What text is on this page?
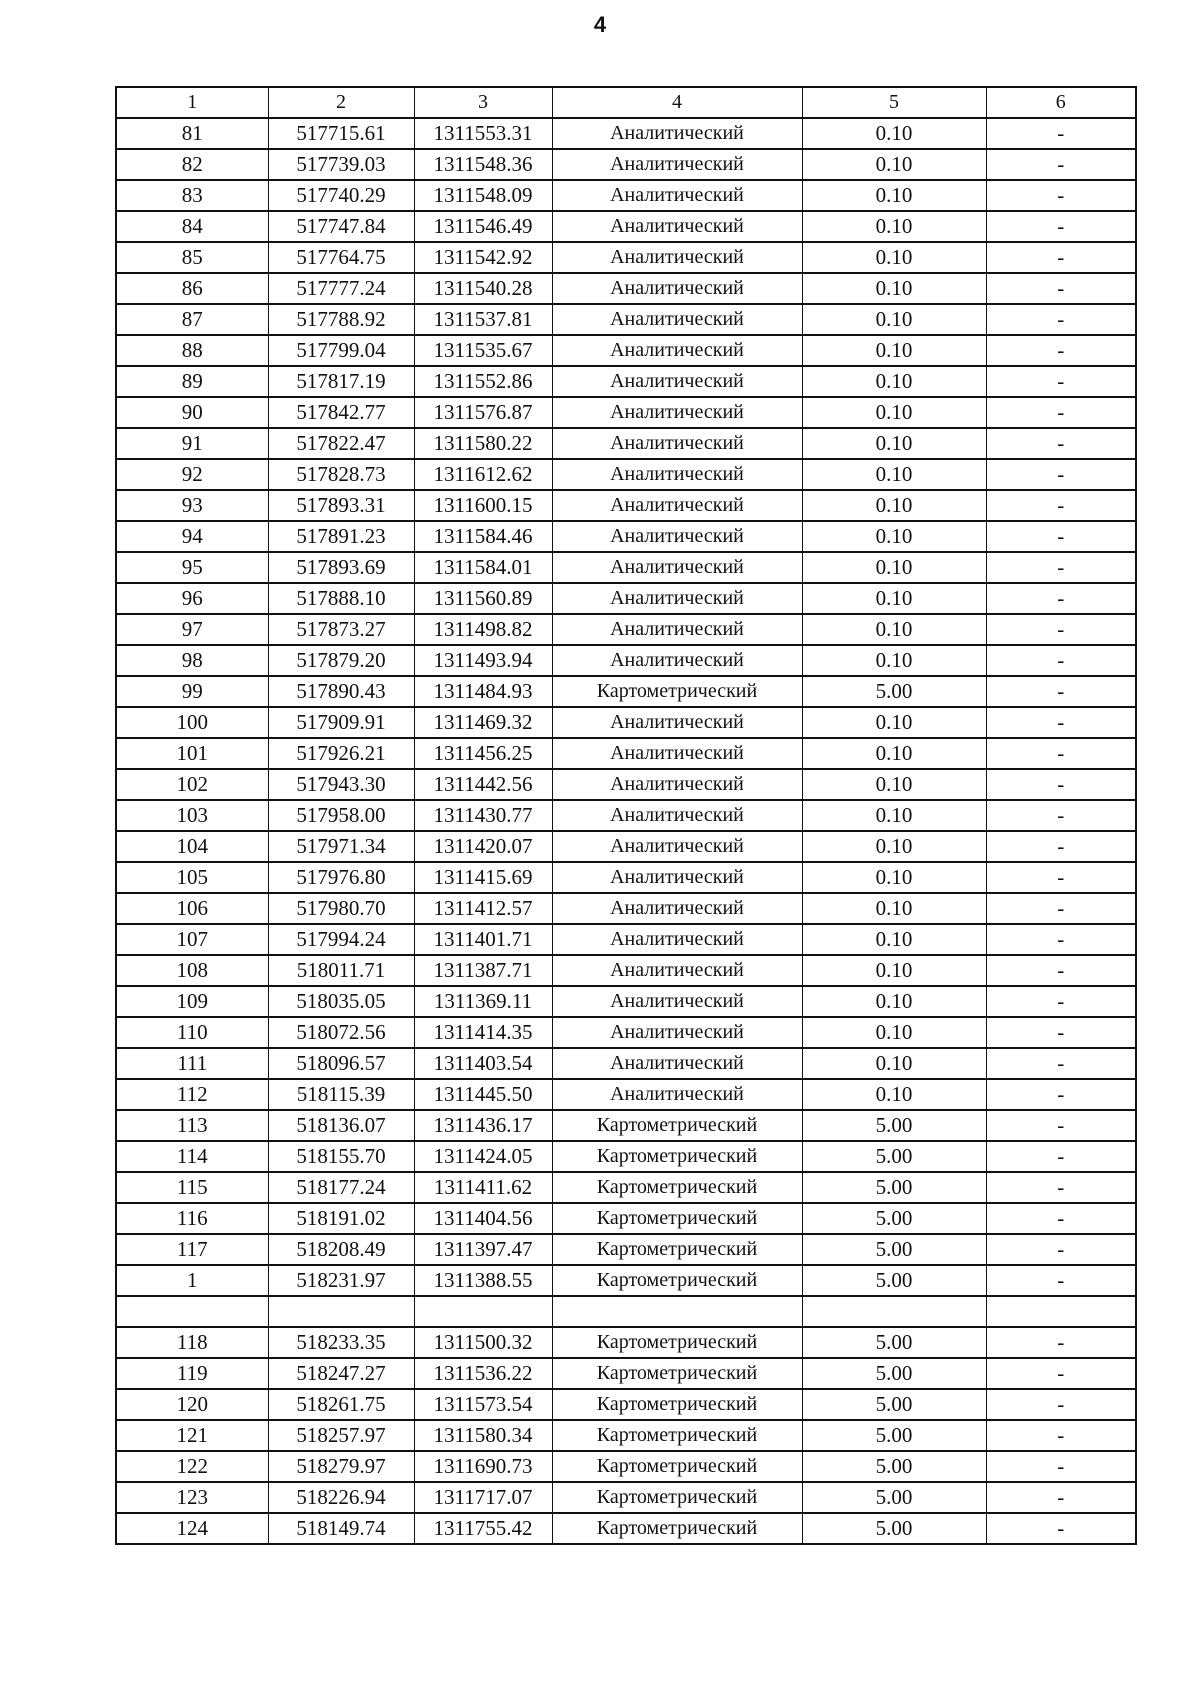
4
1	2	3	4	5	6
81	517715.61	1311553.31	Аналитический	0.10	-
82	517739.03	1311548.36	Аналитический	0.10	-
83	517740.29	1311548.09	Аналитический	0.10	-
84	517747.84	1311546.49	Аналитический	0.10	-
85	517764.75	1311542.92	Аналитический	0.10	-
86	517777.24	1311540.28	Аналитический	0.10	-
87	517788.92	1311537.81	Аналитический	0.10	-
88	517799.04	1311535.67	Аналитический	0.10	-
89	517817.19	1311552.86	Аналитический	0.10	-
90	517842.77	1311576.87	Аналитический	0.10	-
91	517822.47	1311580.22	Аналитический	0.10	-
92	517828.73	1311612.62	Аналитический	0.10	-
93	517893.31	1311600.15	Аналитический	0.10	-
94	517891.23	1311584.46	Аналитический	0.10	-
95	517893.69	1311584.01	Аналитический	0.10	-
96	517888.10	1311560.89	Аналитический	0.10	-
97	517873.27	1311498.82	Аналитический	0.10	-
98	517879.20	1311493.94	Аналитический	0.10	-
99	517890.43	1311484.93	Картометрический	5.00	-
100	517909.91	1311469.32	Аналитический	0.10	-
101	517926.21	1311456.25	Аналитический	0.10	-
102	517943.30	1311442.56	Аналитический	0.10	-
103	517958.00	1311430.77	Аналитический	0.10	-
104	517971.34	1311420.07	Аналитический	0.10	-
105	517976.80	1311415.69	Аналитический	0.10	-
106	517980.70	1311412.57	Аналитический	0.10	-
107	517994.24	1311401.71	Аналитический	0.10	-
108	518011.71	1311387.71	Аналитический	0.10	-
109	518035.05	1311369.11	Аналитический	0.10	-
110	518072.56	1311414.35	Аналитический	0.10	-
111	518096.57	1311403.54	Аналитический	0.10	-
112	518115.39	1311445.50	Аналитический	0.10	-
113	518136.07	1311436.17	Картометрический	5.00	-
114	518155.70	1311424.05	Картометрический	5.00	-
115	518177.24	1311411.62	Картометрический	5.00	-
116	518191.02	1311404.56	Картометрический	5.00	-
117	518208.49	1311397.47	Картометрический	5.00	-
1	518231.97	1311388.55	Картометрический	5.00	-

118	518233.35	1311500.32	Картометрический	5.00	-
119	518247.27	1311536.22	Картометрический	5.00	-
120	518261.75	1311573.54	Картометрический	5.00	-
121	518257.97	1311580.34	Картометрический	5.00	-
122	518279.97	1311690.73	Картометрический	5.00	-
123	518226.94	1311717.07	Картометрический	5.00	-
124	518149.74	1311755.42	Картометрический	5.00	-
